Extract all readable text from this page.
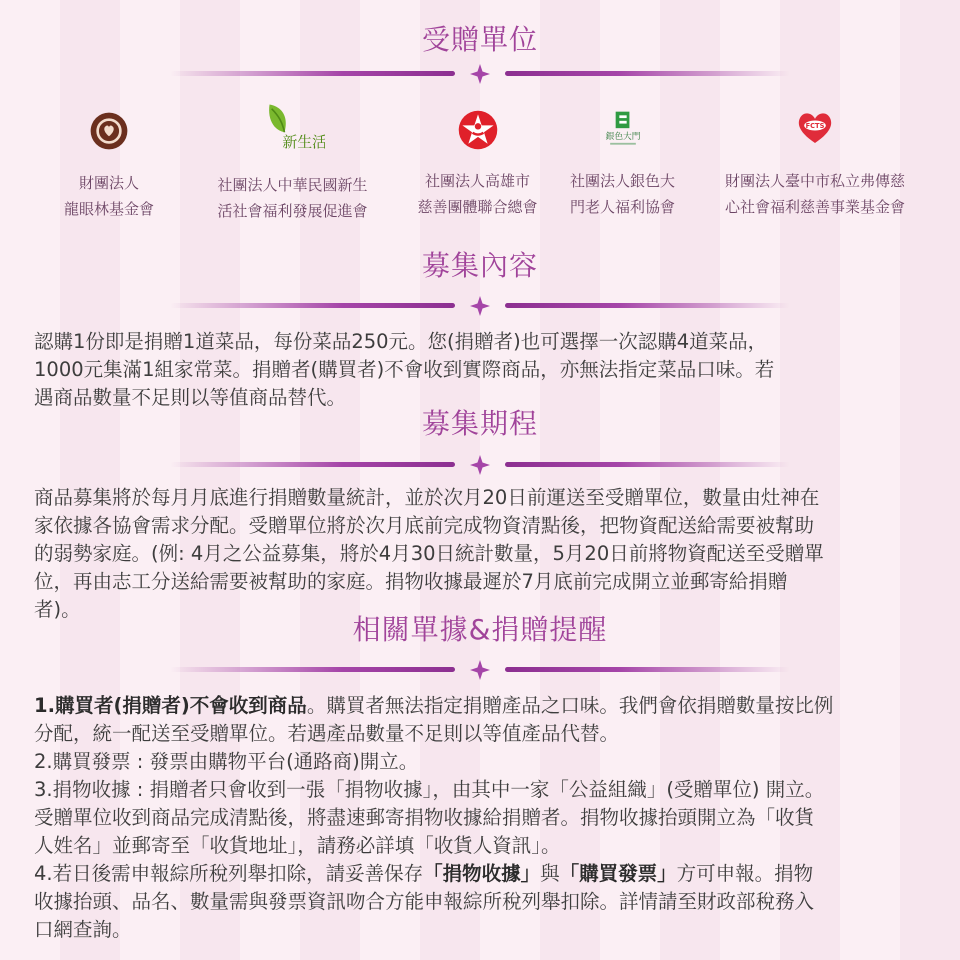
受贈單位
財團法人
龍眼林基金會
新生活
社團法人中華民國新生
活社會福利發展促進會
社團法人高雄市
慈善團體聯合總會
銀色大門
社團法人銀色大
門老人福利協會
FCTS
財團法人臺中市私立弗傳慈
心社會福利慈善事業基金會
募集內容
認購1份即是捐贈1道菜品，每份菜品250元。您(捐贈者)也可選擇一次認購4道菜品，
1000元集滿1組家常菜。捐贈者(購買者)不會收到實際商品，亦無法指定菜品口味。若
遇商品數量不足則以等值商品替代。
募集期程
商品募集將於每月月底進行捐贈數量統計，並於次月20日前運送至受贈單位，數量由灶神在
家依據各協會需求分配。受贈單位將於次月底前完成物資清點後，把物資配送給需要被幫助
的弱勢家庭。(例: 4月之公益募集，將於4月30日統計數量，5月20日前將物資配送至受贈單
位，再由志工分送給需要被幫助的家庭。捐物收據最遲於7月底前完成開立並郵寄給捐贈
者)。
相關單據&捐贈提醒
1.購買者(捐贈者)不會收到商品。購買者無法指定捐贈產品之口味。我們會依捐贈數量按比例
分配，統一配送至受贈單位。若遇產品數量不足則以等值產品代替。
2.購買發票 : 發票由購物平台(通路商)開立。
3.捐物收據 : 捐贈者只會收到一張「捐物收據」，由其中一家「公益組織」(受贈單位) 開立。
受贈單位收到商品完成清點後，將盡速郵寄捐物收據給捐贈者。捐物收據抬頭開立為「收貨
人姓名」並郵寄至「收貨地址」，請務必詳填「收貨人資訊」。
4.若日後需申報綜所稅列舉扣除，請妥善保存「捐物收據」與「購買發票」方可申報。捐物
收據抬頭、品名、數量需與發票資訊吻合方能申報綜所稅列舉扣除。詳情請至財政部稅務入
口網查詢。
